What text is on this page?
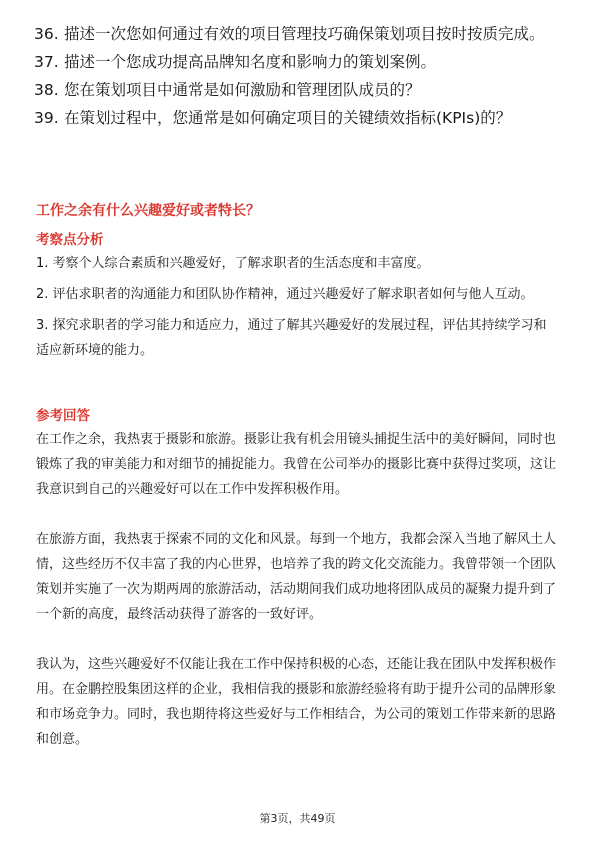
36. 描述一次您如何通过有效的项目管理技巧确保策划项目按时按质完成。
37. 描述一个您成功提高品牌知名度和影响力的策划案例。
38. 您在策划项目中通常是如何激励和管理团队成员的？
39. 在策划过程中，您通常是如何确定项目的关键绩效指标(KPIs)的？
工作之余有什么兴趣爱好或者特长？
考察点分析

1. 考察个人综合素质和兴趣爱好，了解求职者的生活态度和丰富度。

2. 评估求职者的沟通能力和团队协作精神，通过兴趣爱好了解求职者如何与他人互动。

3. 探究求职者的学习能力和适应力，通过了解其兴趣爱好的发展过程，评估其持续学习和适应新环境的能力。

参考回答

在工作之余，我热衷于摄影和旅游。摄影让我有机会用镜头捕捉生活中的美好瞬间，同时也锻炼了我的审美能力和对细节的捕捉能力。我曾在公司举办的摄影比赛中获得过奖项，这让我意识到自己的兴趣爱好可以在工作中发挥积极作用。

在旅游方面，我热衷于探索不同的文化和风景。每到一个地方，我都会深入当地了解风土人情，这些经历不仅丰富了我的内心世界，也培养了我的跨文化交流能力。我曾带领一个团队策划并实施了一次为期两周的旅游活动，活动期间我们成功地将团队成员的凝聚力提升到了一个新的高度，最终活动获得了游客的一致好评。

我认为，这些兴趣爱好不仅能让我在工作中保持积极的心态，还能让我在团队中发挥积极作用。在金鹏控股集团这样的企业，我相信我的摄影和旅游经验将有助于提升公司的品牌形象和市场竞争力。同时，我也期待将这些爱好与工作相结合，为公司的策划工作带来新的思路和创意。

第3页，共49页
